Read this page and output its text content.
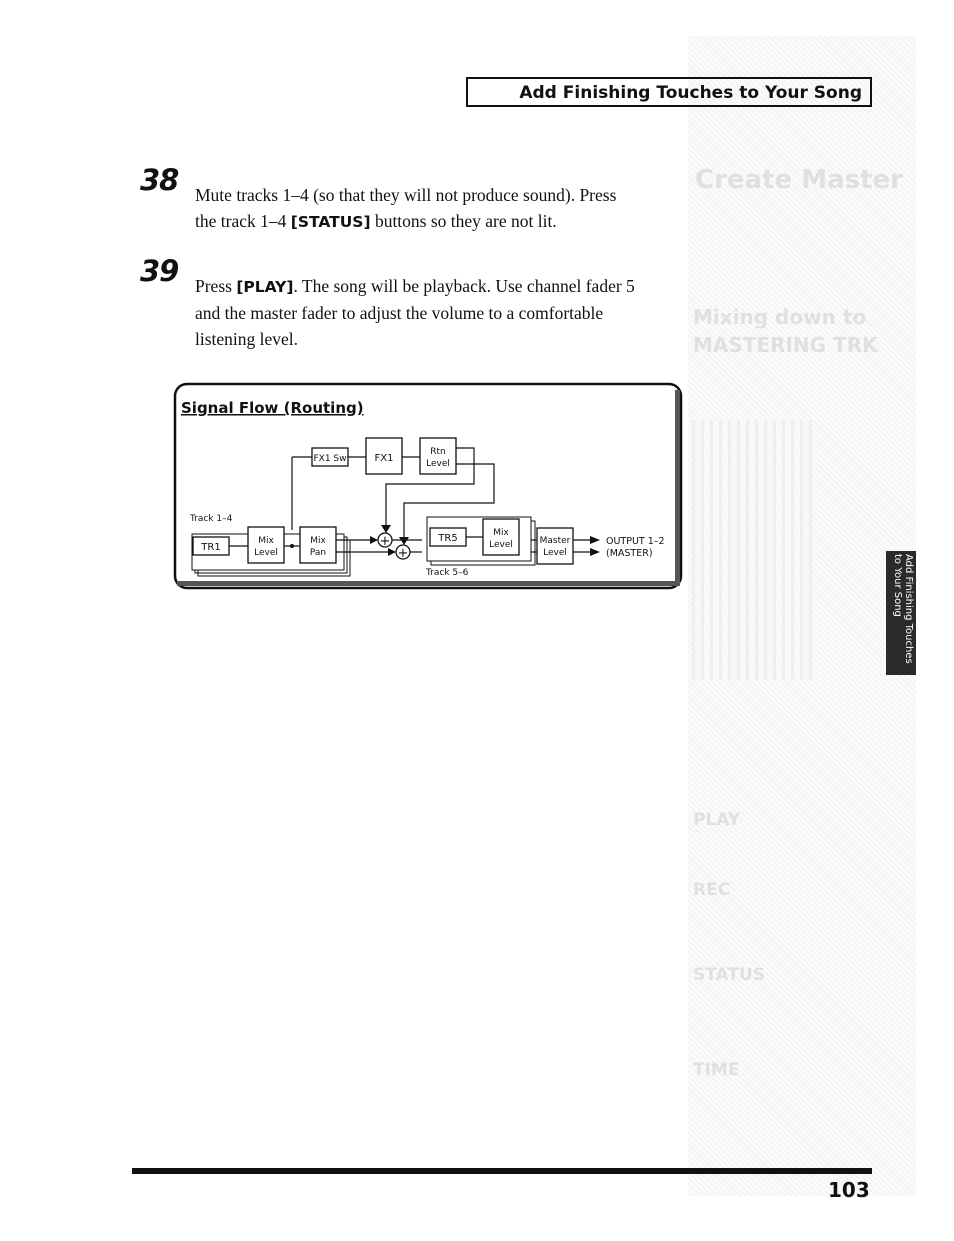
Create Master
Mixing down to
MASTERING TRK
PLAY
REC
STATUS
TIME
Add Finishing Touches to Your Song
38 Mute tracks 1–4 (so that they will not produce sound). Press
the track 1–4 [STATUS] buttons so they are not lit.
39 Press [PLAY]. The song will be playback. Use channel fader 5
and the master fader to adjust the volume to a comfortable
listening level.
Signal Flow (Routing)
FX1 Sw	FX1
Rtn
Level
Track 1–4
TR1
Mix
Level
Mix
Pan
+
+
TR5	Mix
Level
Track 5–6
Master
Level
OUTPUT 1–2
(MASTER)
Add Finishing Touches to Your Song
103
